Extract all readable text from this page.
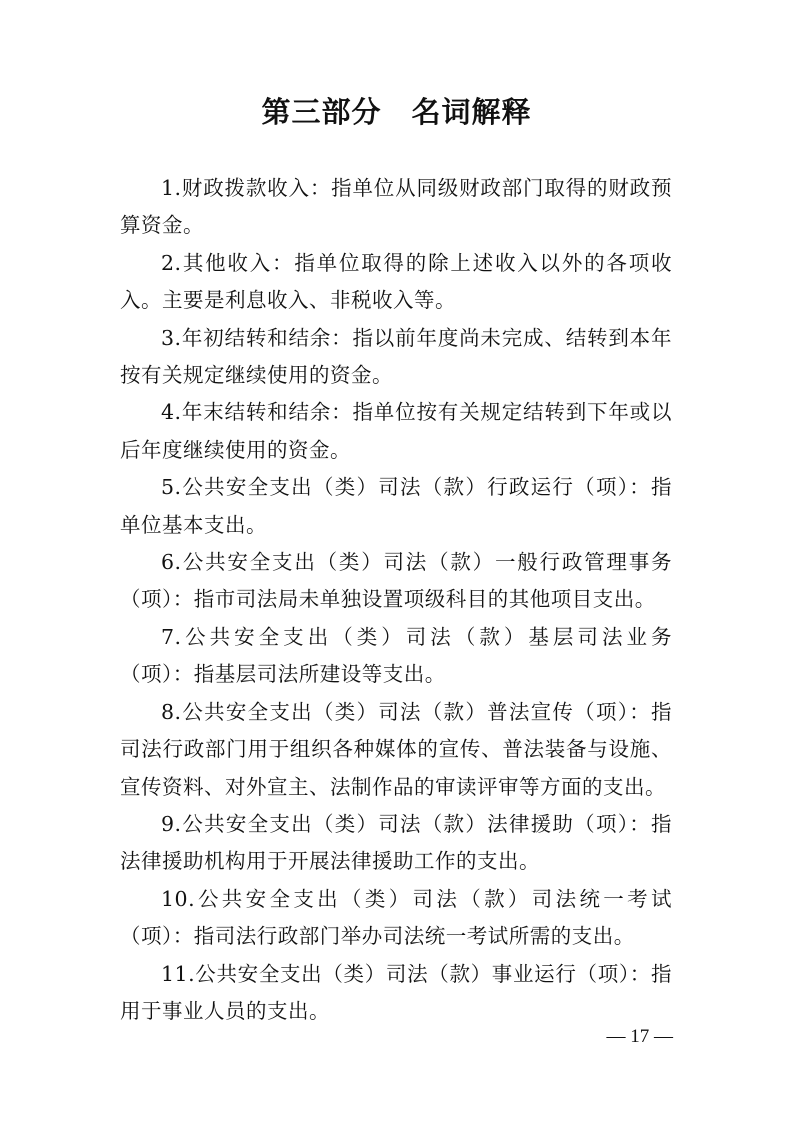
第三部分　名词解释

1.财政拨款收入：指单位从同级财政部门取得的财政预算资金。

2.其他收入：指单位取得的除上述收入以外的各项收入。主要是利息收入、非税收入等。

3.年初结转和结余：指以前年度尚未完成、结转到本年按有关规定继续使用的资金。

4.年末结转和结余：指单位按有关规定结转到下年或以后年度继续使用的资金。

5.公共安全支出（类）司法（款）行政运行（项）：指单位基本支出。

6.公共安全支出（类）司法（款）一般行政管理事务（项）：指市司法局未单独设置项级科目的其他项目支出。

7.公共安全支出（类）司法（款）基层司法业务（项）：指基层司法所建设等支出。

8.公共安全支出（类）司法（款）普法宣传（项）：指司法行政部门用于组织各种媒体的宣传、普法装备与设施、宣传资料、对外宣主、法制作品的审读评审等方面的支出。

9.公共安全支出（类）司法（款）法律援助（项）：指法律援助机构用于开展法律援助工作的支出。

10.公共安全支出（类）司法（款）司法统一考试（项）：指司法行政部门举办司法统一考试所需的支出。

11.公共安全支出（类）司法（款）事业运行（项）：指用于事业人员的支出。

— 17 —
